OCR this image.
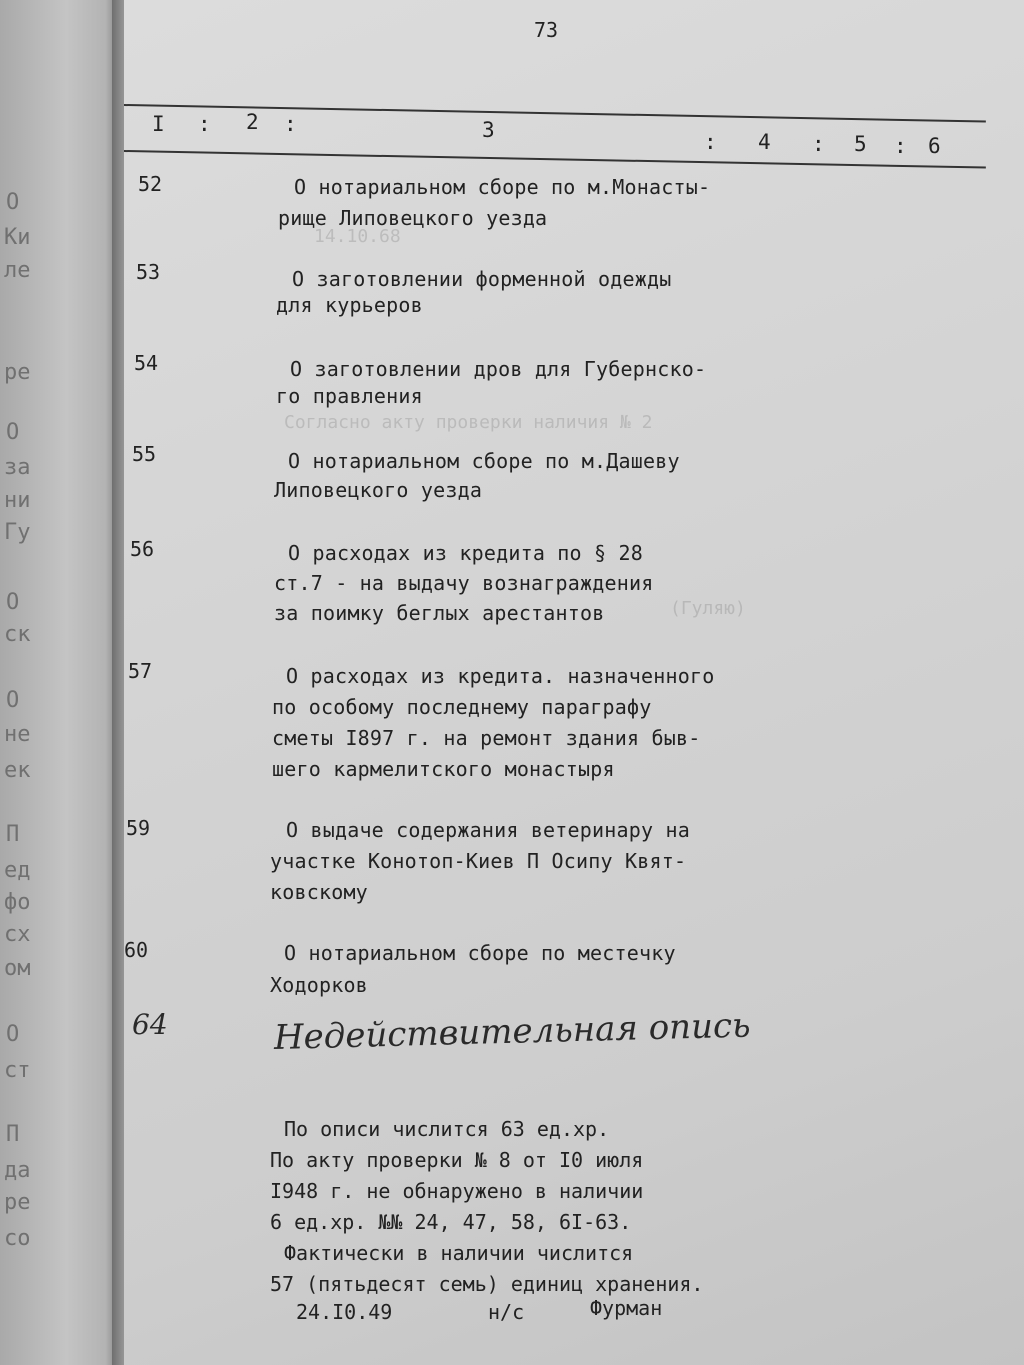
О
Ки
ле
ре
О
за
ни
Гу
О
ск
О
не
ек
П
ед
фо
сх
ом
О
ст
П
да
ре
со
14.10.68
Согласно акту проверки наличия № 2
(Гуляю)
73
I : 2 :	3	: 4 : 5 : 6
52	О нотариальном сборе по м.Монасты-
рище Липовецкого уезда
53	О заготовлении форменной одежды
для курьеров
54	О заготовлении дров для Губернско-
го правления
55	О нотариальном сборе по м.Дашеву
Липовецкого уезда
56	О расходах из кредита по § 28
ст.7 - на выдачу вознаграждения
за поимку беглых арестантов
57	О расходах из кредита. назначенного
по особому последнему параграфу
сметы I897 г. на ремонт здания быв-
шего кармелитского монастыря
59	О выдаче содержания ветеринару на
участке Конотоп-Киев П Осипу Квят-
ковскому
60	О нотариальном сборе по местечку
Ходорков
64	Недействительная опись
По описи числится 63 ед.хр.
По акту проверки № 8 от I0 июля
I948 г. не обнаружено в наличии
6 ед.хр. №№ 24, 47, 58, 6I-63.
Фактически в наличии числится
57 (пятьдесят семь) единиц хранения.
24.I0.49	н/с	Фурман
